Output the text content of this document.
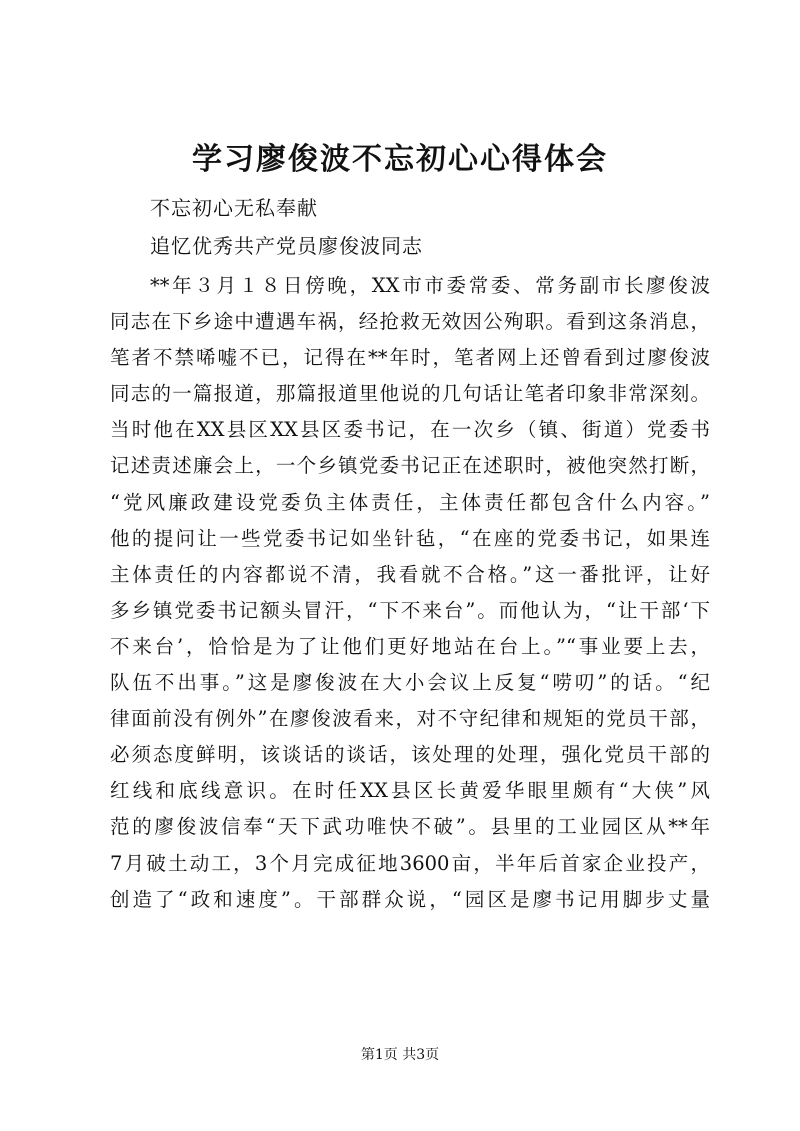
学习廖俊波不忘初心心得体会
不忘初心无私奉献
追忆优秀共产党员廖俊波同志
**年３月１８日傍晚，XX市市委常委、常务副市长廖俊波
同志在下乡途中遭遇车祸，经抢救无效因公殉职。看到这条消息，
笔者不禁唏嘘不已，记得在**年时，笔者网上还曾看到过廖俊波
同志的一篇报道，那篇报道里他说的几句话让笔者印象非常深刻。
当时他在XX县区XX县区委书记，在一次乡（镇、街道）党委书
记述责述廉会上，一个乡镇党委书记正在述职时，被他突然打断，
“党风廉政建设党委负主体责任，主体责任都包含什么内容。”
他的提问让一些党委书记如坐针毡，“在座的党委书记，如果连
主体责任的内容都说不清，我看就不合格。”这一番批评，让好
多乡镇党委书记额头冒汗，“下不来台”。而他认为，“让干部‘下
不来台’，恰恰是为了让他们更好地站在台上。”“事业要上去，
队伍不出事。”这是廖俊波在大小会议上反复“唠叨”的话。“纪
律面前没有例外”在廖俊波看来，对不守纪律和规矩的党员干部，
必须态度鲜明，该谈话的谈话，该处理的处理，强化党员干部的
红线和底线意识。在时任XX县区长黄爱华眼里颇有“大侠”风
范的廖俊波信奉“天下武功唯快不破”。县里的工业园区从**年
7月破土动工，3个月完成征地3600亩，半年后首家企业投产，
创造了“政和速度”。干部群众说，“园区是廖书记用脚步丈量
第1页 共3页
